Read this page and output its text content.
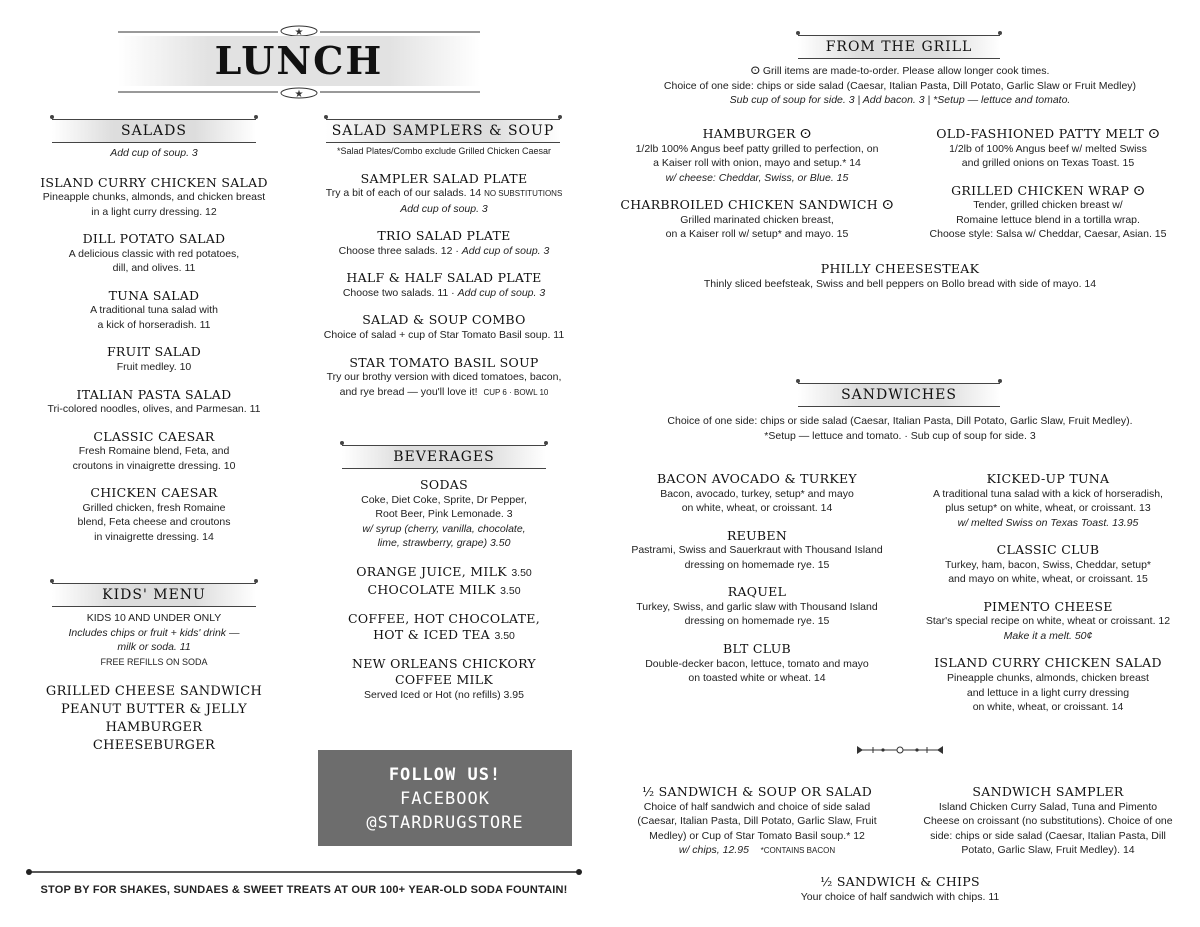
★
LUNCH
★
SALADS
Add cup of soup. 3
ISLAND CURRY CHICKEN SALAD
Pineapple chunks, almonds, and chicken breast
in a light curry dressing. 12
DILL POTATO SALAD
A delicious classic with red potatoes,
dill, and olives. 11
TUNA SALAD
A traditional tuna salad with
a kick of horseradish. 11
FRUIT SALAD
Fruit medley. 10
ITALIAN PASTA SALAD
Tri-colored noodles, olives, and Parmesan. 11
CLASSIC CAESAR
Fresh Romaine blend, Feta, and
croutons in vinaigrette dressing. 10
CHICKEN CAESAR
Grilled chicken, fresh Romaine
blend, Feta cheese and croutons
in vinaigrette dressing. 14
KIDS' MENU
KIDS 10 AND UNDER ONLY
Includes chips or fruit + kids' drink —
milk or soda. 11
FREE REFILLS ON SODA
GRILLED CHEESE SANDWICH
PEANUT BUTTER & JELLY
HAMBURGER
CHEESEBURGER
SALAD SAMPLERS & SOUP
*Salad Plates/Combo exclude Grilled Chicken Caesar
SAMPLER SALAD PLATE
Try a bit of each of our salads. 14 NO SUBSTITUTIONS
Add cup of soup. 3
TRIO SALAD PLATE
Choose three salads. 12 · Add cup of soup. 3
HALF & HALF SALAD PLATE
Choose two salads. 11 · Add cup of soup. 3
SALAD & SOUP COMBO
Choice of salad + cup of Star Tomato Basil soup. 11
STAR TOMATO BASIL SOUP
Try our brothy version with diced tomatoes, bacon,
and rye bread — you'll love it! CUP 6 · BOWL 10
BEVERAGES
SODAS
Coke, Diet Coke, Sprite, Dr Pepper,
Root Beer, Pink Lemonade. 3
w/ syrup (cherry, vanilla, chocolate,
lime, strawberry, grape) 3.50
ORANGE JUICE, MILK 3.50
CHOCOLATE MILK 3.50
COFFEE, HOT CHOCOLATE,
HOT & ICED TEA 3.50
NEW ORLEANS CHICKORY
COFFEE MILK
Served Iced or Hot (no refills) 3.95
FOLLOW US!
FACEBOOK
@STARDRUGSTORE
STOP BY FOR SHAKES, SUNDAES & SWEET TREATS AT OUR 100+ YEAR-OLD SODA FOUNTAIN!
FROM THE GRILL
ⵙ Grill items are made-to-order. Please allow longer cook times.
Choice of one side: chips or side salad (Caesar, Italian Pasta, Dill Potato, Garlic Slaw or Fruit Medley)
Sub cup of soup for side. 3 | Add bacon. 3 | *Setup — lettuce and tomato.
HAMBURGER ⵙ
1/2lb 100% Angus beef patty grilled to perfection, on
a Kaiser roll with onion, mayo and setup.* 14
w/ cheese: Cheddar, Swiss, or Blue. 15
CHARBROILED CHICKEN SANDWICH ⵙ
Grilled marinated chicken breast,
on a Kaiser roll w/ setup* and mayo. 15
OLD-FASHIONED PATTY MELT ⵙ
1/2lb of 100% Angus beef w/ melted Swiss
and grilled onions on Texas Toast. 15
GRILLED CHICKEN WRAP ⵙ
Tender, grilled chicken breast w/
Romaine lettuce blend in a tortilla wrap.
Choose style: Salsa w/ Cheddar, Caesar, Asian. 15
PHILLY CHEESESTEAK
Thinly sliced beefsteak, Swiss and bell peppers on Bollo bread with side of mayo. 14
SANDWICHES
Choice of one side: chips or side salad (Caesar, Italian Pasta, Dill Potato, Garlic Slaw, Fruit Medley).
*Setup — lettuce and tomato. · Sub cup of soup for side. 3
BACON AVOCADO & TURKEY
Bacon, avocado, turkey, setup* and mayo
on white, wheat, or croissant. 14
REUBEN
Pastrami, Swiss and Sauerkraut with Thousand Island
dressing on homemade rye. 15
RAQUEL
Turkey, Swiss, and garlic slaw with Thousand Island
dressing on homemade rye. 15
BLT CLUB
Double-decker bacon, lettuce, tomato and mayo
on toasted white or wheat. 14
KICKED-UP TUNA
A traditional tuna salad with a kick of horseradish,
plus setup* on white, wheat, or croissant. 13
w/ melted Swiss on Texas Toast. 13.95
CLASSIC CLUB
Turkey, ham, bacon, Swiss, Cheddar, setup*
and mayo on white, wheat, or croissant. 15
PIMENTO CHEESE
Star's special recipe on white, wheat or croissant. 12
Make it a melt. 50¢
ISLAND CURRY CHICKEN SALAD
Pineapple chunks, almonds, chicken breast
and lettuce in a light curry dressing
on white, wheat, or croissant. 14
½ SANDWICH & SOUP OR SALAD
Choice of half sandwich and choice of side salad
(Caesar, Italian Pasta, Dill Potato, Garlic Slaw, Fruit
Medley) or Cup of Star Tomato Basil soup.* 12
w/ chips, 12.95 *CONTAINS BACON
SANDWICH SAMPLER
Island Chicken Curry Salad, Tuna and Pimento
Cheese on croissant (no substitutions). Choice of one
side: chips or side salad (Caesar, Italian Pasta, Dill
Potato, Garlic Slaw, Fruit Medley). 14
½ SANDWICH & CHIPS
Your choice of half sandwich with chips. 11
